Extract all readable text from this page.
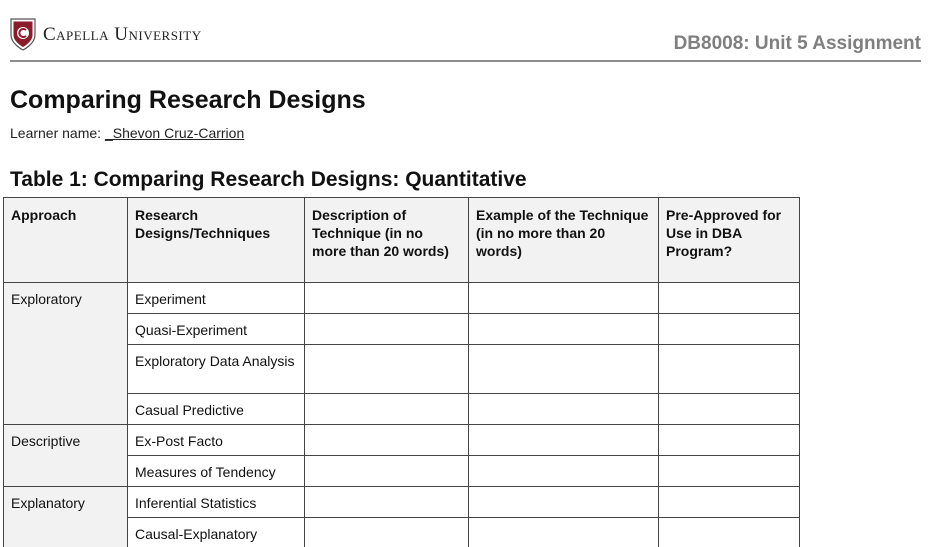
Capella University	DB8008: Unit 5 Assignment
Comparing Research Designs
Learner name: _Shevon Cruz-Carrion
Table 1: Comparing Research Designs: Quantitative
Approach	Research Designs/Techniques	Description of Technique (in no more than 20 words)	Example of the Technique (in no more than 20 words)	Pre-Approved for Use in DBA Program?
Exploratory	Experiment			
	Quasi-Experiment			
	Exploratory Data Analysis			
	Casual Predictive			
Descriptive	Ex-Post Facto			
	Measures of Tendency			
Explanatory	Inferential Statistics			
	Causal-Explanatory			
